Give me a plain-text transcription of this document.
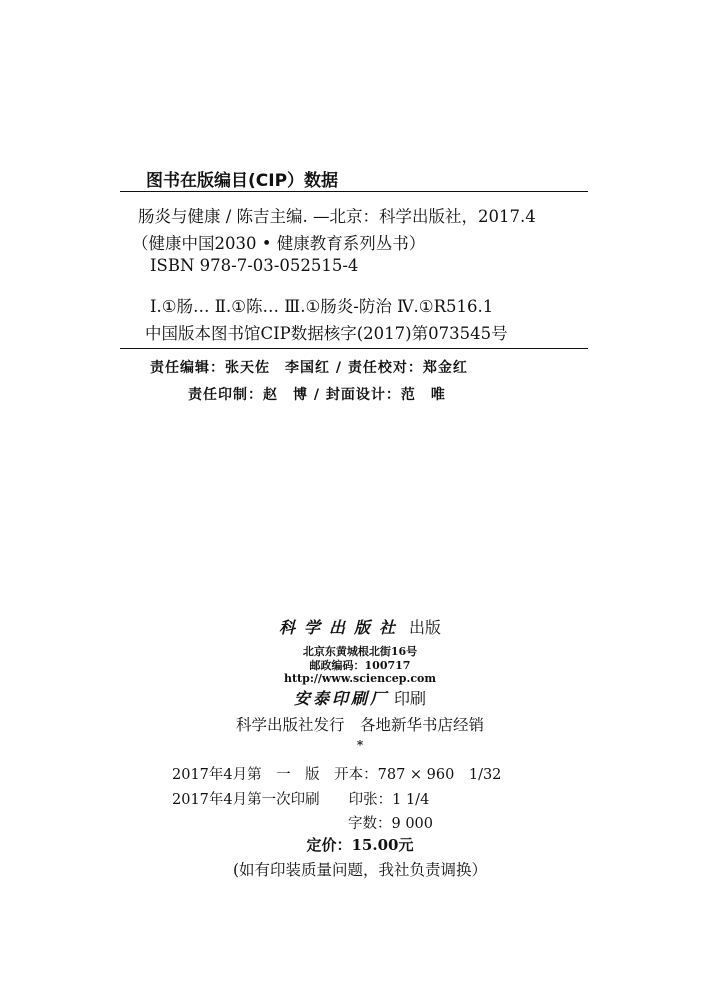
图书在版编目(CIP）数据
肠炎与健康 / 陈吉主编. —北京：科学出版社，2017.4
（健康中国2030 • 健康教育系列丛书）
ISBN 978-7-03-052515-4
Ⅰ.①肠… Ⅱ.①陈… Ⅲ.①肠炎-防治 Ⅳ.①R516.1
中国版本图书馆CIP数据核字(2017)第073545号
责任编辑：张天佐　李国红 / 责任校对：郑金红
责任印制：赵　博 / 封面设计：范　唯
科学出版社 出版
北京东黄城根北街16号
邮政编码：100717
http://www.sciencep.com
安泰印刷厂 印刷
科学出版社发行　各地新华书店经销
*
2017年4月第　一　版　开本：787 × 960　1/32
2017年4月第一次印刷　　印张：1 1/4
字数：9 000
定价：15.00元
(如有印装质量问题，我社负责调换）
